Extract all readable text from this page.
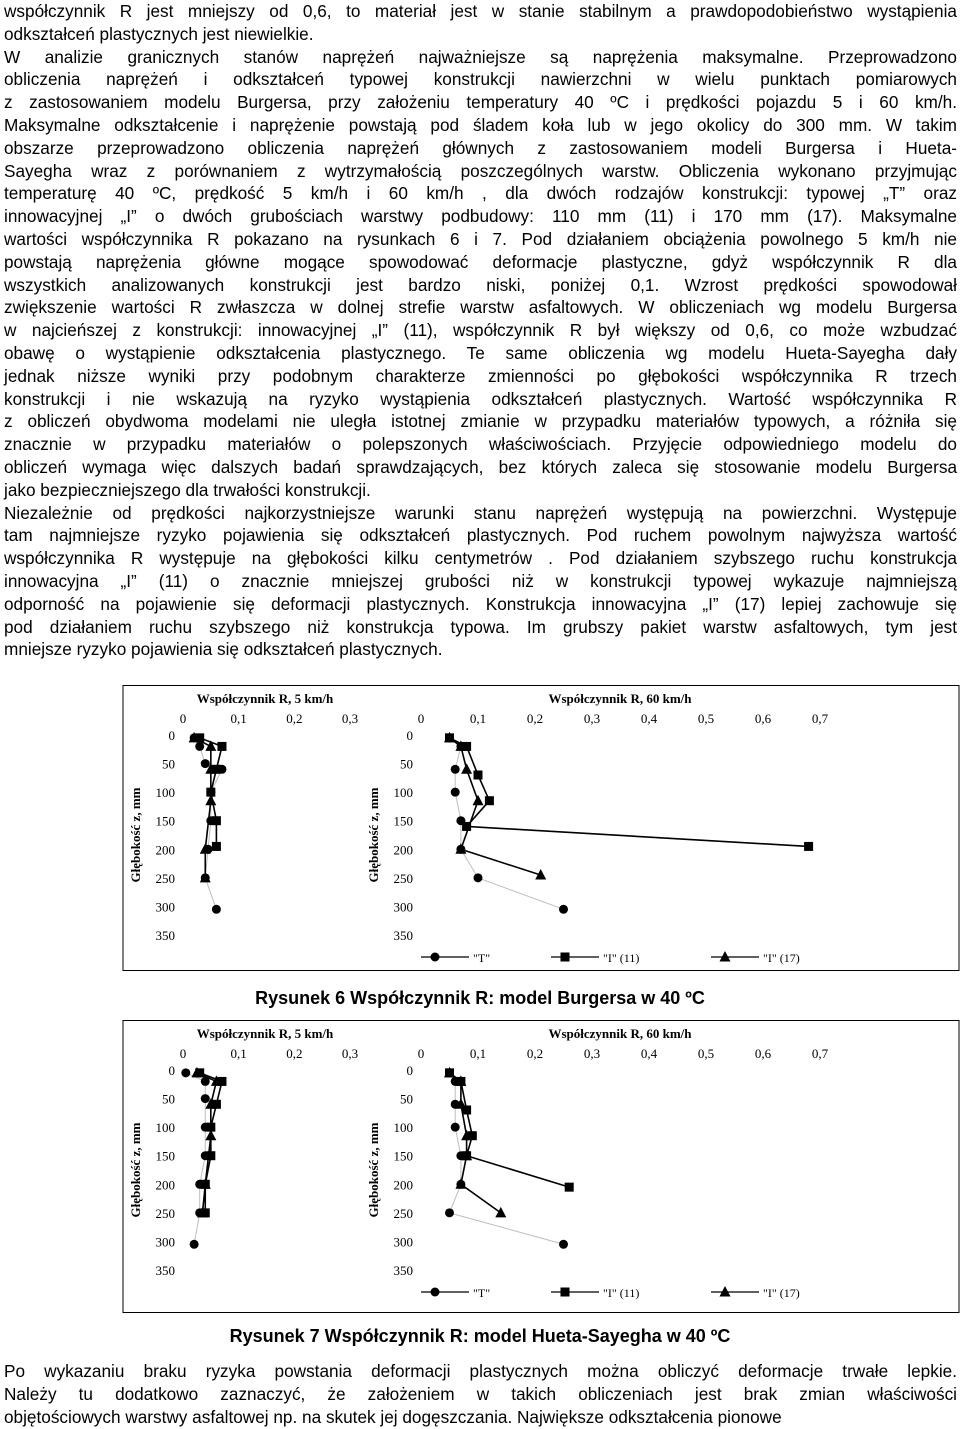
współczynnik R jest mniejszy od 0,6, to materiał jest w stanie stabilnym a prawdopodobieństwo wystąpienia
odkształceń plastycznych jest niewielkie.
W analizie granicznych stanów naprężeń najważniejsze są naprężenia maksymalne. Przeprowadzono
obliczenia naprężeń i odkształceń typowej konstrukcji nawierzchni w wielu punktach pomiarowych
z zastosowaniem modelu Burgersa, przy założeniu temperatury 40 ºC i prędkości pojazdu 5 i 60 km/h.
Maksymalne odkształcenie i naprężenie powstają pod śladem koła lub w jego okolicy do 300 mm. W takim
obszarze przeprowadzono obliczenia naprężeń głównych z zastosowaniem modeli Burgersa i Hueta-
Sayegha wraz z porównaniem z wytrzymałością poszczególnych warstw. Obliczenia wykonano przyjmując
temperaturę 40 ºC, prędkość 5 km/h i 60 km/h , dla dwóch rodzajów konstrukcji: typowej „T” oraz
innowacyjnej „I” o dwóch grubościach warstwy podbudowy: 110 mm (11) i 170 mm (17). Maksymalne
wartości współczynnika R pokazano na rysunkach 6 i 7. Pod działaniem obciążenia powolnego 5 km/h nie
powstają naprężenia główne mogące spowodować deformacje plastyczne, gdyż współczynnik R dla
wszystkich analizowanych konstrukcji jest bardzo niski, poniżej 0,1. Wzrost prędkości spowodował
zwiększenie wartości R zwłaszcza w dolnej strefie warstw asfaltowych. W obliczeniach wg modelu Burgersa
w najcieńszej z konstrukcji: innowacyjnej „I” (11), współczynnik R był większy od 0,6, co może wzbudzać
obawę o wystąpienie odkształcenia plastycznego. Te same obliczenia wg modelu Hueta-Sayegha dały
jednak niższe wyniki przy podobnym charakterze zmienności po głębokości współczynnika R trzech
konstrukcji i nie wskazują na ryzyko wystąpienia odkształceń plastycznych. Wartość współczynnika R
z obliczeń obydwoma modelami nie uległa istotnej zmianie w przypadku materiałów typowych, a różniła się
znacznie w przypadku materiałów o polepszonych właściwościach. Przyjęcie odpowiedniego modelu do
obliczeń wymaga więc dalszych badań sprawdzających, bez których zaleca się stosowanie modelu Burgersa
jako bezpieczniejszego dla trwałości konstrukcji.
Niezależnie od prędkości najkorzystniejsze warunki stanu naprężeń występują na powierzchni. Występuje
tam najmniejsze ryzyko pojawienia się odkształceń plastycznych. Pod ruchem powolnym najwyższa wartość
współczynnika R występuje na głębokości kilku centymetrów . Pod działaniem szybszego ruchu konstrukcja
innowacyjna „I” (11) o znacznie mniejszej grubości niż w konstrukcji typowej wykazuje najmniejszą
odporność na pojawienie się deformacji plastycznych. Konstrukcja innowacyjna „I” (17) lepiej zachowuje się
pod działaniem ruchu szybszego niż konstrukcja typowa. Im grubszy pakiet warstw asfaltowych, tym jest
mniejsze ryzyko pojawienia się odkształceń plastycznych.
Głębokość z, mm
Współczynnik R, 5 km/h
0	0,1	0,2	0,3
0
50
100
150
200
250
300
350
Głębokość z, mm
Współczynnik R, 60 km/h
0	0,1	0,2	0,3	0,4	0,5	0,6	0,7
0
50
100
150
200
250
300
350
"T"	"I" (11)	"I" (17)
Rysunek 6 Współczynnik R: model Burgersa w 40 ºC
Głębokość z, mm
Współczynnik R, 5 km/h
0	0,1	0,2	0,3
0
50
100
150
200
250
300
350
Głębokość z, mm
Współczynnik R, 60 km/h
0	0,1	0,2	0,3	0,4	0,5	0,6	0,7
0
50
100
150
200
250
300
350
"T"	"I" (11)	"I" (17)
Rysunek 7 Współczynnik R: model Hueta-Sayegha w 40 ºC
Po wykazaniu braku ryzyka powstania deformacji plastycznych można obliczyć deformacje trwałe lepkie.
Należy tu dodatkowo zaznaczyć, że założeniem w takich obliczeniach jest brak zmian właściwości
objętościowych warstwy asfaltowej np. na skutek jej dogęszczania. Największe odkształcenia pionowe
